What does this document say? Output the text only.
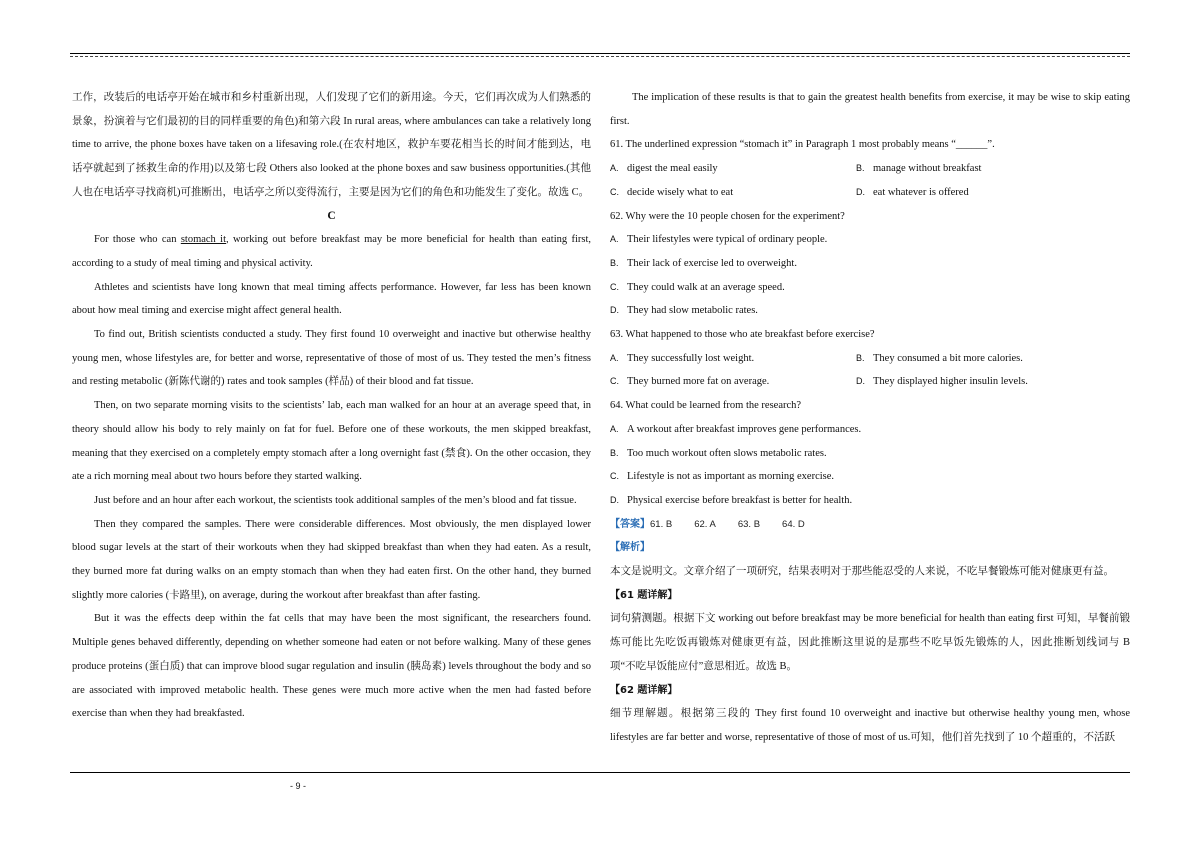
工作，改装后的电话亭开始在城市和乡村重新出现，人们发现了它们的新用途。今天，它们再次成为人们熟悉的景象，扮演着与它们最初的目的同样重要的角色)和第六段 In rural areas, where ambulances can take a relatively long time to arrive, the phone boxes have taken on a lifesaving role.(在农村地区，救护车要花相当长的时间才能到达，电话亭就起到了拯救生命的作用)以及第七段 Others also looked at the phone boxes and saw business opportunities.(其他人也在电话亭寻找商机)可推断出，电话亭之所以变得流行，主要是因为它们的角色和功能发生了变化。故选 C。

C

For those who can stomach it, working out before breakfast may be more beneficial for health than eating first, according to a study of meal timing and physical activity.

Athletes and scientists have long known that meal timing affects performance. However, far less has been known about how meal timing and exercise might affect general health.

To find out, British scientists conducted a study. They first found 10 overweight and inactive but otherwise healthy young men, whose lifestyles are, for better and worse, representative of those of most of us. They tested the men’s fitness and resting metabolic (新陈代谢的) rates and took samples (样品) of their blood and fat tissue.

Then, on two separate morning visits to the scientists’ lab, each man walked for an hour at an average speed that, in theory should allow his body to rely mainly on fat for fuel. Before one of these workouts, the men skipped breakfast, meaning that they exercised on a completely empty stomach after a long overnight fast (禁食). On the other occasion, they ate a rich morning meal about two hours before they started walking.

Just before and an hour after each workout, the scientists took additional samples of the men’s blood and fat tissue.

Then they compared the samples. There were considerable differences. Most obviously, the men displayed lower blood sugar levels at the start of their workouts when they had skipped breakfast than when they had eaten. As a result, they burned more fat during walks on an empty stomach than when they had eaten first. On the other hand, they burned slightly more calories (卡路里), on average, during the workout after breakfast than after fasting.

But it was the effects deep within the fat cells that may have been the most significant, the researchers found. Multiple genes behaved differently, depending on whether someone had eaten or not before walking. Many of these genes produce proteins (蛋白质) that can improve blood sugar regulation and insulin (胰岛素) levels throughout the body and so are associated with improved metabolic health. These genes were much more active when the men had fasted before exercise than when they had breakfasted.

The implication of these results is that to gain the greatest health benefits from exercise, it may be wise to skip eating first.

61. The underlined expression “stomach it” in Paragraph 1 most probably means “______”.

A. digest the meal easily	B. manage without breakfast
C. decide wisely what to eat	D. eat whatever is offered

62. Why were the 10 people chosen for the experiment?

A. Their lifestyles were typical of ordinary people.
B. Their lack of exercise led to overweight.
C. They could walk at an average speed.
D. They had slow metabolic rates.

63. What happened to those who ate breakfast before exercise?

A. They successfully lost weight.	B. They consumed a bit more calories.
C. They burned more fat on average.	D. They displayed higher insulin levels.

64. What could be learned from the research?

A. A workout after breakfast improves gene performances.
B. Too much workout often slows metabolic rates.
C. Lifestyle is not as important as morning exercise.
D. Physical exercise before breakfast is better for health.
【答案】61. B 62. A 63. B 64. D
【解析】

本文是说明文。文章介绍了一项研究，结果表明对于那些能忍受的人来说，不吃早餐锻炼可能对健康更有益。

【61 题详解】

词句猜测题。根据下文 working out before breakfast may be more beneficial for health than eating first 可知，早餐前锻炼可能比先吃饭再锻炼对健康更有益，因此推断这里说的是那些不吃早饭先锻炼的人，因此推断划线词与 B 项“不吃早饭能应付”意思相近。故选 B。

【62 题详解】

细节理解题。根据第三段的 They first found 10 overweight and inactive but otherwise healthy young men, whose lifestyles are far better and worse, representative of those of most of us.可知，他们首先找到了 10 个超重的，不活跃

- 9 -
